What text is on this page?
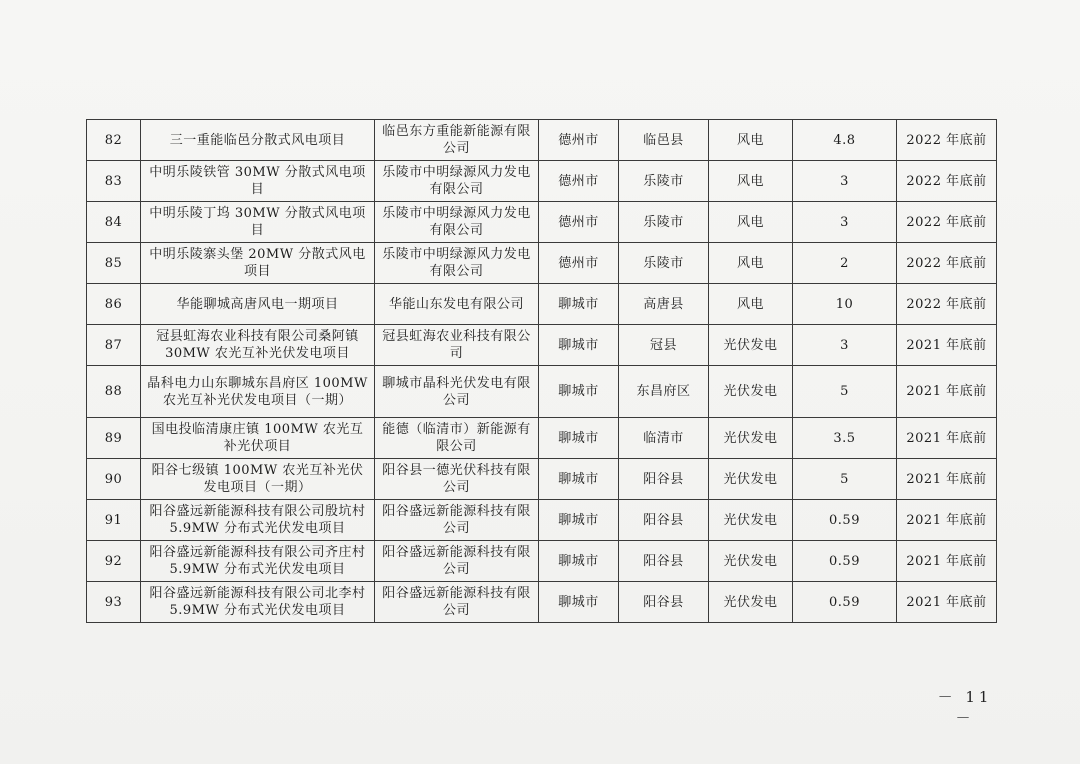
82	三一重能临邑分散式风电项目	临邑东方重能新能源有限公司	德州市	临邑县	风电	4.8	2022 年底前
83	中明乐陵铁管 30MW 分散式风电项目	乐陵市中明绿源风力发电有限公司	德州市	乐陵市	风电	3	2022 年底前
84	中明乐陵丁坞 30MW 分散式风电项目	乐陵市中明绿源风力发电有限公司	德州市	乐陵市	风电	3	2022 年底前
85	中明乐陵寨头堡 20MW 分散式风电项目	乐陵市中明绿源风力发电有限公司	德州市	乐陵市	风电	2	2022 年底前
86	华能聊城高唐风电一期项目	华能山东发电有限公司	聊城市	高唐县	风电	10	2022 年底前
87	冠县虹海农业科技有限公司桑阿镇 30MW 农光互补光伏发电项目	冠县虹海农业科技有限公司	聊城市	冠县	光伏发电	3	2021 年底前
88	晶科电力山东聊城东昌府区 100MW 农光互补光伏发电项目（一期）	聊城市晶科光伏发电有限公司	聊城市	东昌府区	光伏发电	5	2021 年底前
89	国电投临清康庄镇 100MW 农光互补光伏项目	能德（临清市）新能源有限公司	聊城市	临清市	光伏发电	3.5	2021 年底前
90	阳谷七级镇 100MW 农光互补光伏发电项目（一期）	阳谷县一德光伏科技有限公司	聊城市	阳谷县	光伏发电	5	2021 年底前
91	阳谷盛远新能源科技有限公司殷坑村 5.9MW 分布式光伏发电项目	阳谷盛远新能源科技有限公司	聊城市	阳谷县	光伏发电	0.59	2021 年底前
92	阳谷盛远新能源科技有限公司齐庄村 5.9MW 分布式光伏发电项目	阳谷盛远新能源科技有限公司	聊城市	阳谷县	光伏发电	0.59	2021 年底前
93	阳谷盛远新能源科技有限公司北李村 5.9MW 分布式光伏发电项目	阳谷盛远新能源科技有限公司	聊城市	阳谷县	光伏发电	0.59	2021 年底前
－ 11 －
